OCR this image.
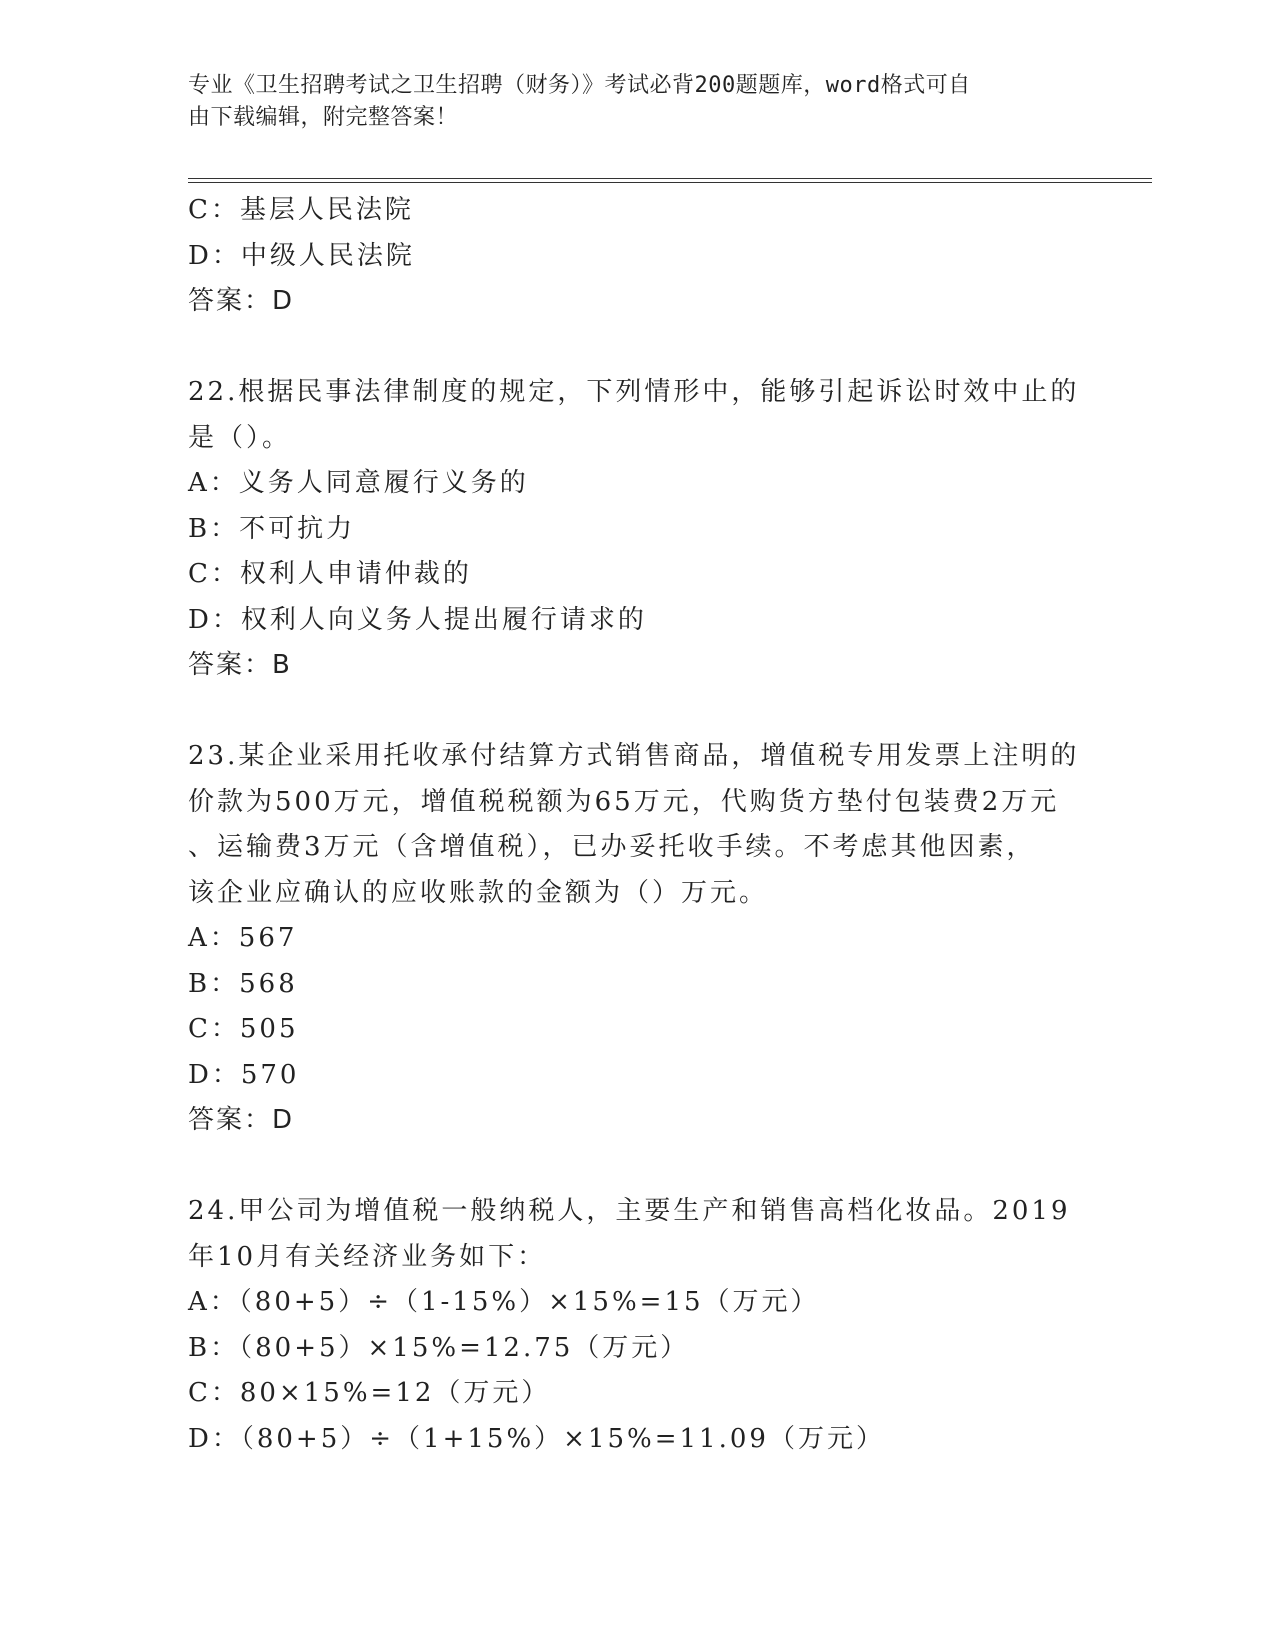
专业《卫生招聘考试之卫生招聘（财务）》考试必背200题题库，word格式可自
由下载编辑，附完整答案！
C：基层人民法院
D：中级人民法院
答案：D
22.根据民事法律制度的规定，下列情形中，能够引起诉讼时效中止的
是（）。
A：义务人同意履行义务的
B：不可抗力
C：权利人申请仲裁的
D：权利人向义务人提出履行请求的
答案：B
23.某企业采用托收承付结算方式销售商品，增值税专用发票上注明的
价款为500万元，增值税税额为65万元，代购货方垫付包装费2万元
、运输费3万元（含增值税），已办妥托收手续。不考虑其他因素，
该企业应确认的应收账款的金额为（）万元。
A：567
B：568
C：505
D：570
答案：D
24.甲公司为增值税一般纳税人，主要生产和销售高档化妆品。2019
年10月有关经济业务如下：
A：（80+5）÷（1-15%）×15%=15（万元）
B：（80+5）×15%=12.75（万元）
C：80×15%=12（万元）
D：（80+5）÷（1+15%）×15%=11.09（万元）
